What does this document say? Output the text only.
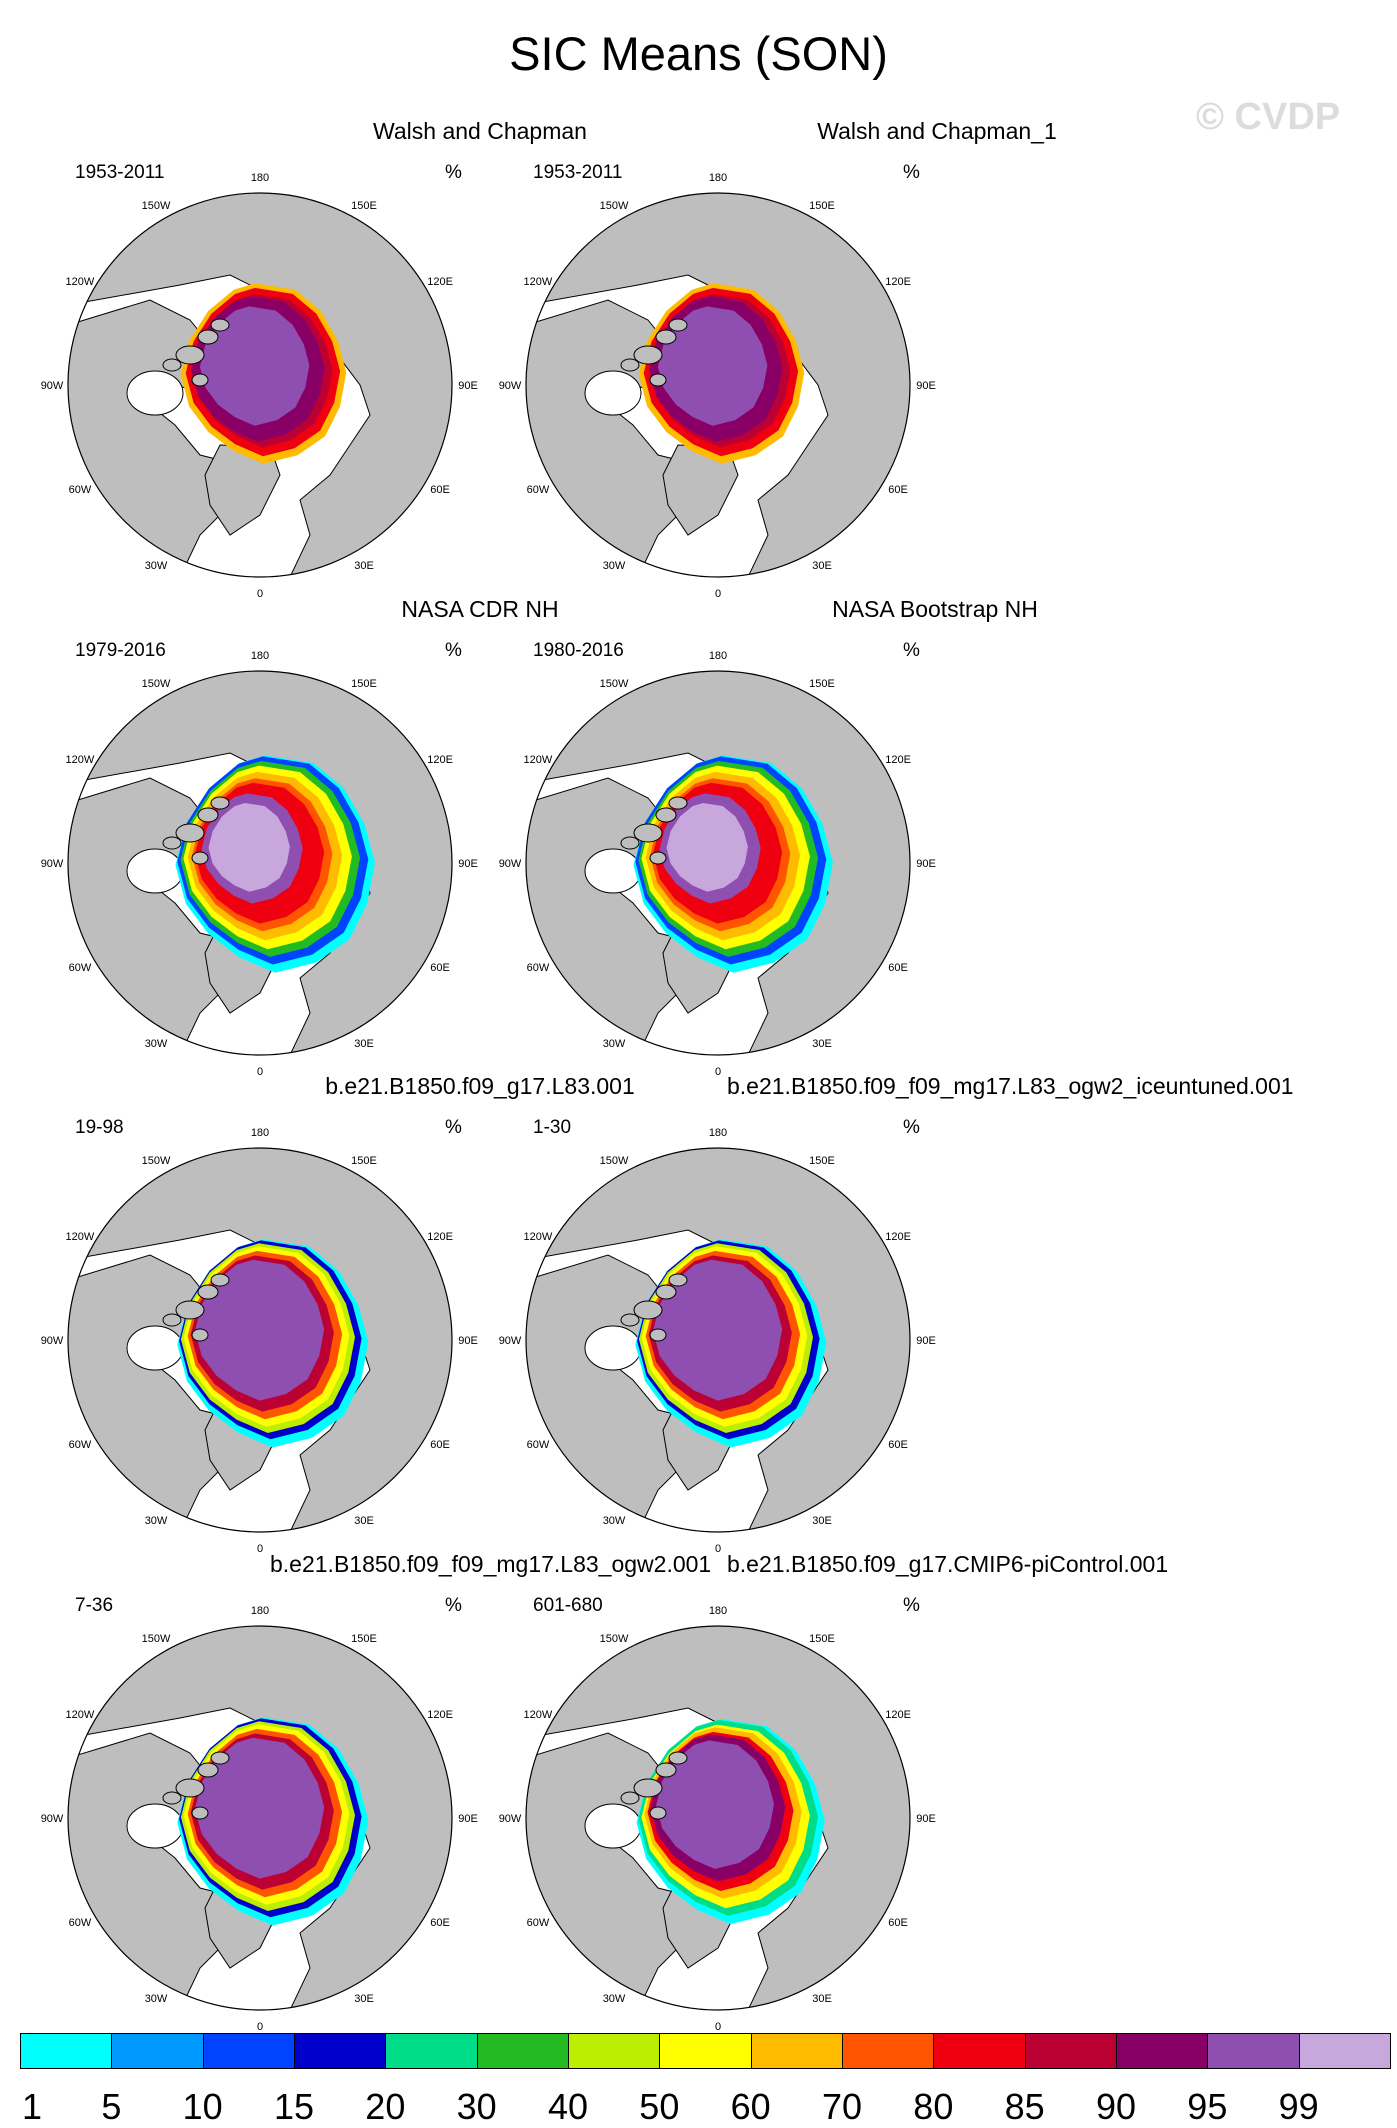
SIC Means (SON)
© CVDP
Walsh and Chapman
1953-2011	%
0
30E
60E
90E
120E
150E
180
150W
120W
90W
60W
30W
Walsh and Chapman_1
1953-2011	%
0
30E
60E
90E
120E
150E
180
150W
120W
90W
60W
30W
NASA CDR NH
1979-2016	%
0
30E
60E
90E
120E
150E
180
150W
120W
90W
60W
30W
NASA Bootstrap NH
1980-2016	%
0
30E
60E
90E
120E
150E
180
150W
120W
90W
60W
30W
b.e21.B1850.f09_g17.L83.001
19-98	%
0
30E
60E
90E
120E
150E
180
150W
120W
90W
60W
30W
b.e21.B1850.f09_f09_mg17.L83_ogw2_iceuntuned.001
1-30	%
0
30E
60E
90E
120E
150E
180
150W
120W
90W
60W
30W
b.e21.B1850.f09_f09_mg17.L83_ogw2.001
7-36	%
0
30E
60E
90E
120E
150E
180
150W
120W
90W
60W
30W
b.e21.B1850.f09_g17.CMIP6-piControl.001
601-680	%
0
30E
60E
90E
120E
150E
180
150W
120W
90W
60W
30W
1 5 10 15 20 30 40 50 60 70 80 85 90 95 99
